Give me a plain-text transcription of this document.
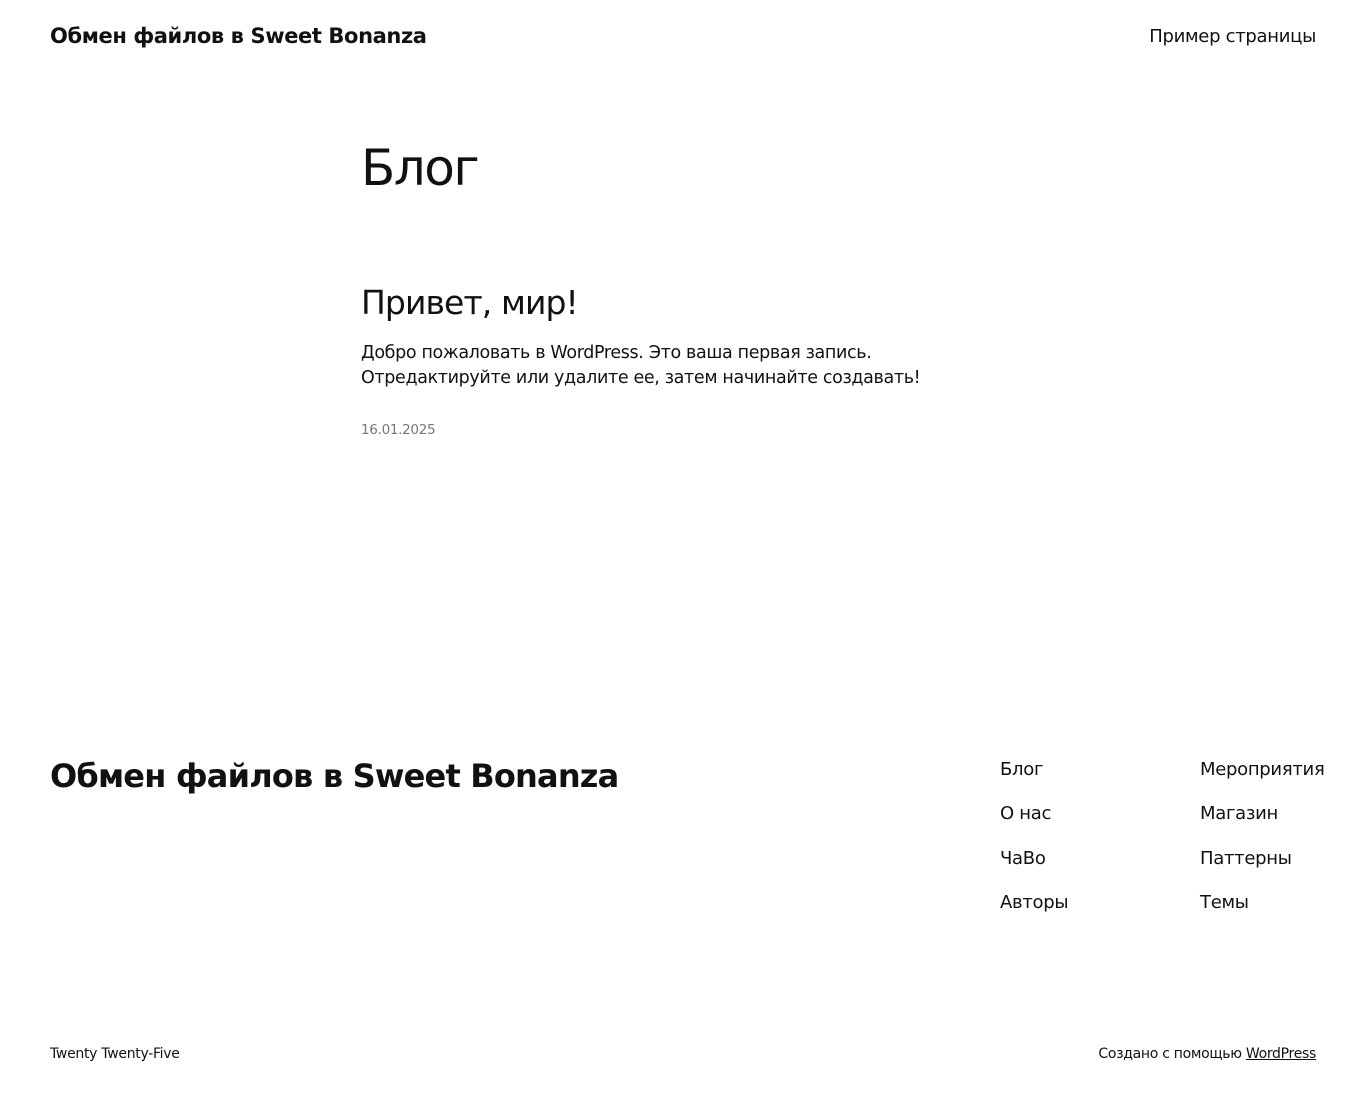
Обмен файлов в Sweet Bonanza	Пример страницы
Блог
Привет, мир!

Добро пожаловать в WordPress. Это ваша первая запись. Отредактируйте или удалите ее, затем начинайте создавать!

16.01.2025
Обмен файлов в Sweet Bonanza	Блог
О нас
ЧаВо
Авторы
Мероприятия
Магазин
Паттерны
Темы
Twenty Twenty-Five	Создано с помощью WordPress
